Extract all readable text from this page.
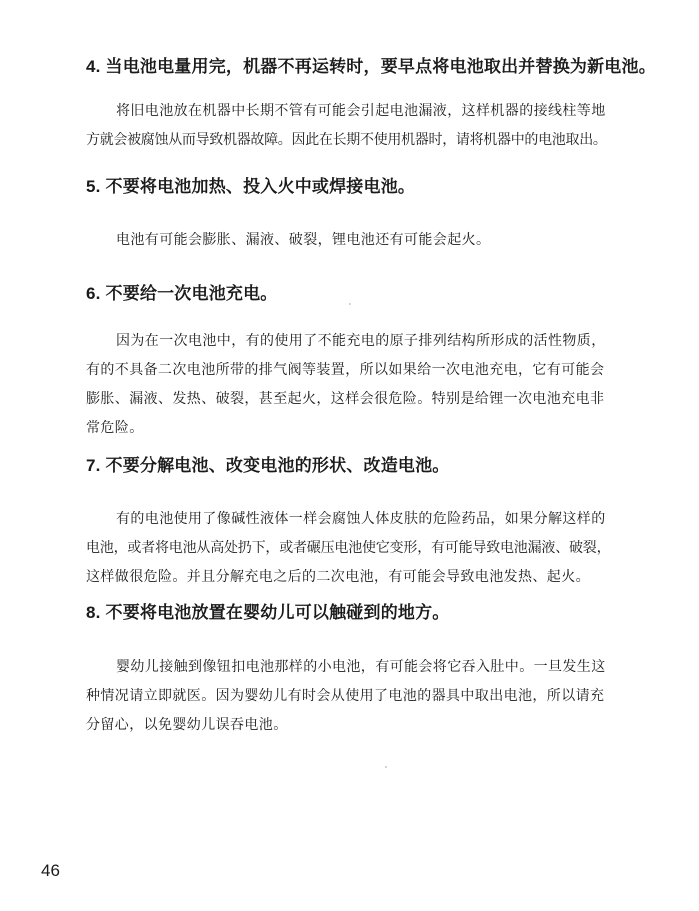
4. 当电池电量用完，机器不再运转时，要早点将电池取出并替换为新电池。
将旧电池放在机器中长期不管有可能会引起电池漏液，这样机器的接线柱等地
方就会被腐蚀从而导致机器故障。因此在长期不使用机器时，请将机器中的电池取出。
5. 不要将电池加热、投入火中或焊接电池。
电池有可能会膨胀、漏液、破裂，锂电池还有可能会起火。
6. 不要给一次电池充电。
因为在一次电池中，有的使用了不能充电的原子排列结构所形成的活性物质，
有的不具备二次电池所带的排气阀等装置，所以如果给一次电池充电，它有可能会
膨胀、漏液、发热、破裂，甚至起火，这样会很危险。特别是给锂一次电池充电非
常危险。
7. 不要分解电池、改变电池的形状、改造电池。
有的电池使用了像碱性液体一样会腐蚀人体皮肤的危险药品，如果分解这样的
电池，或者将电池从高处扔下，或者碾压电池使它变形，有可能导致电池漏液、破裂，
这样做很危险。并且分解充电之后的二次电池，有可能会导致电池发热、起火。
8. 不要将电池放置在婴幼儿可以触碰到的地方。
婴幼儿接触到像钮扣电池那样的小电池，有可能会将它吞入肚中。一旦发生这
种情况请立即就医。因为婴幼儿有时会从使用了电池的器具中取出电池，所以请充
分留心，以免婴幼儿误吞电池。
46
